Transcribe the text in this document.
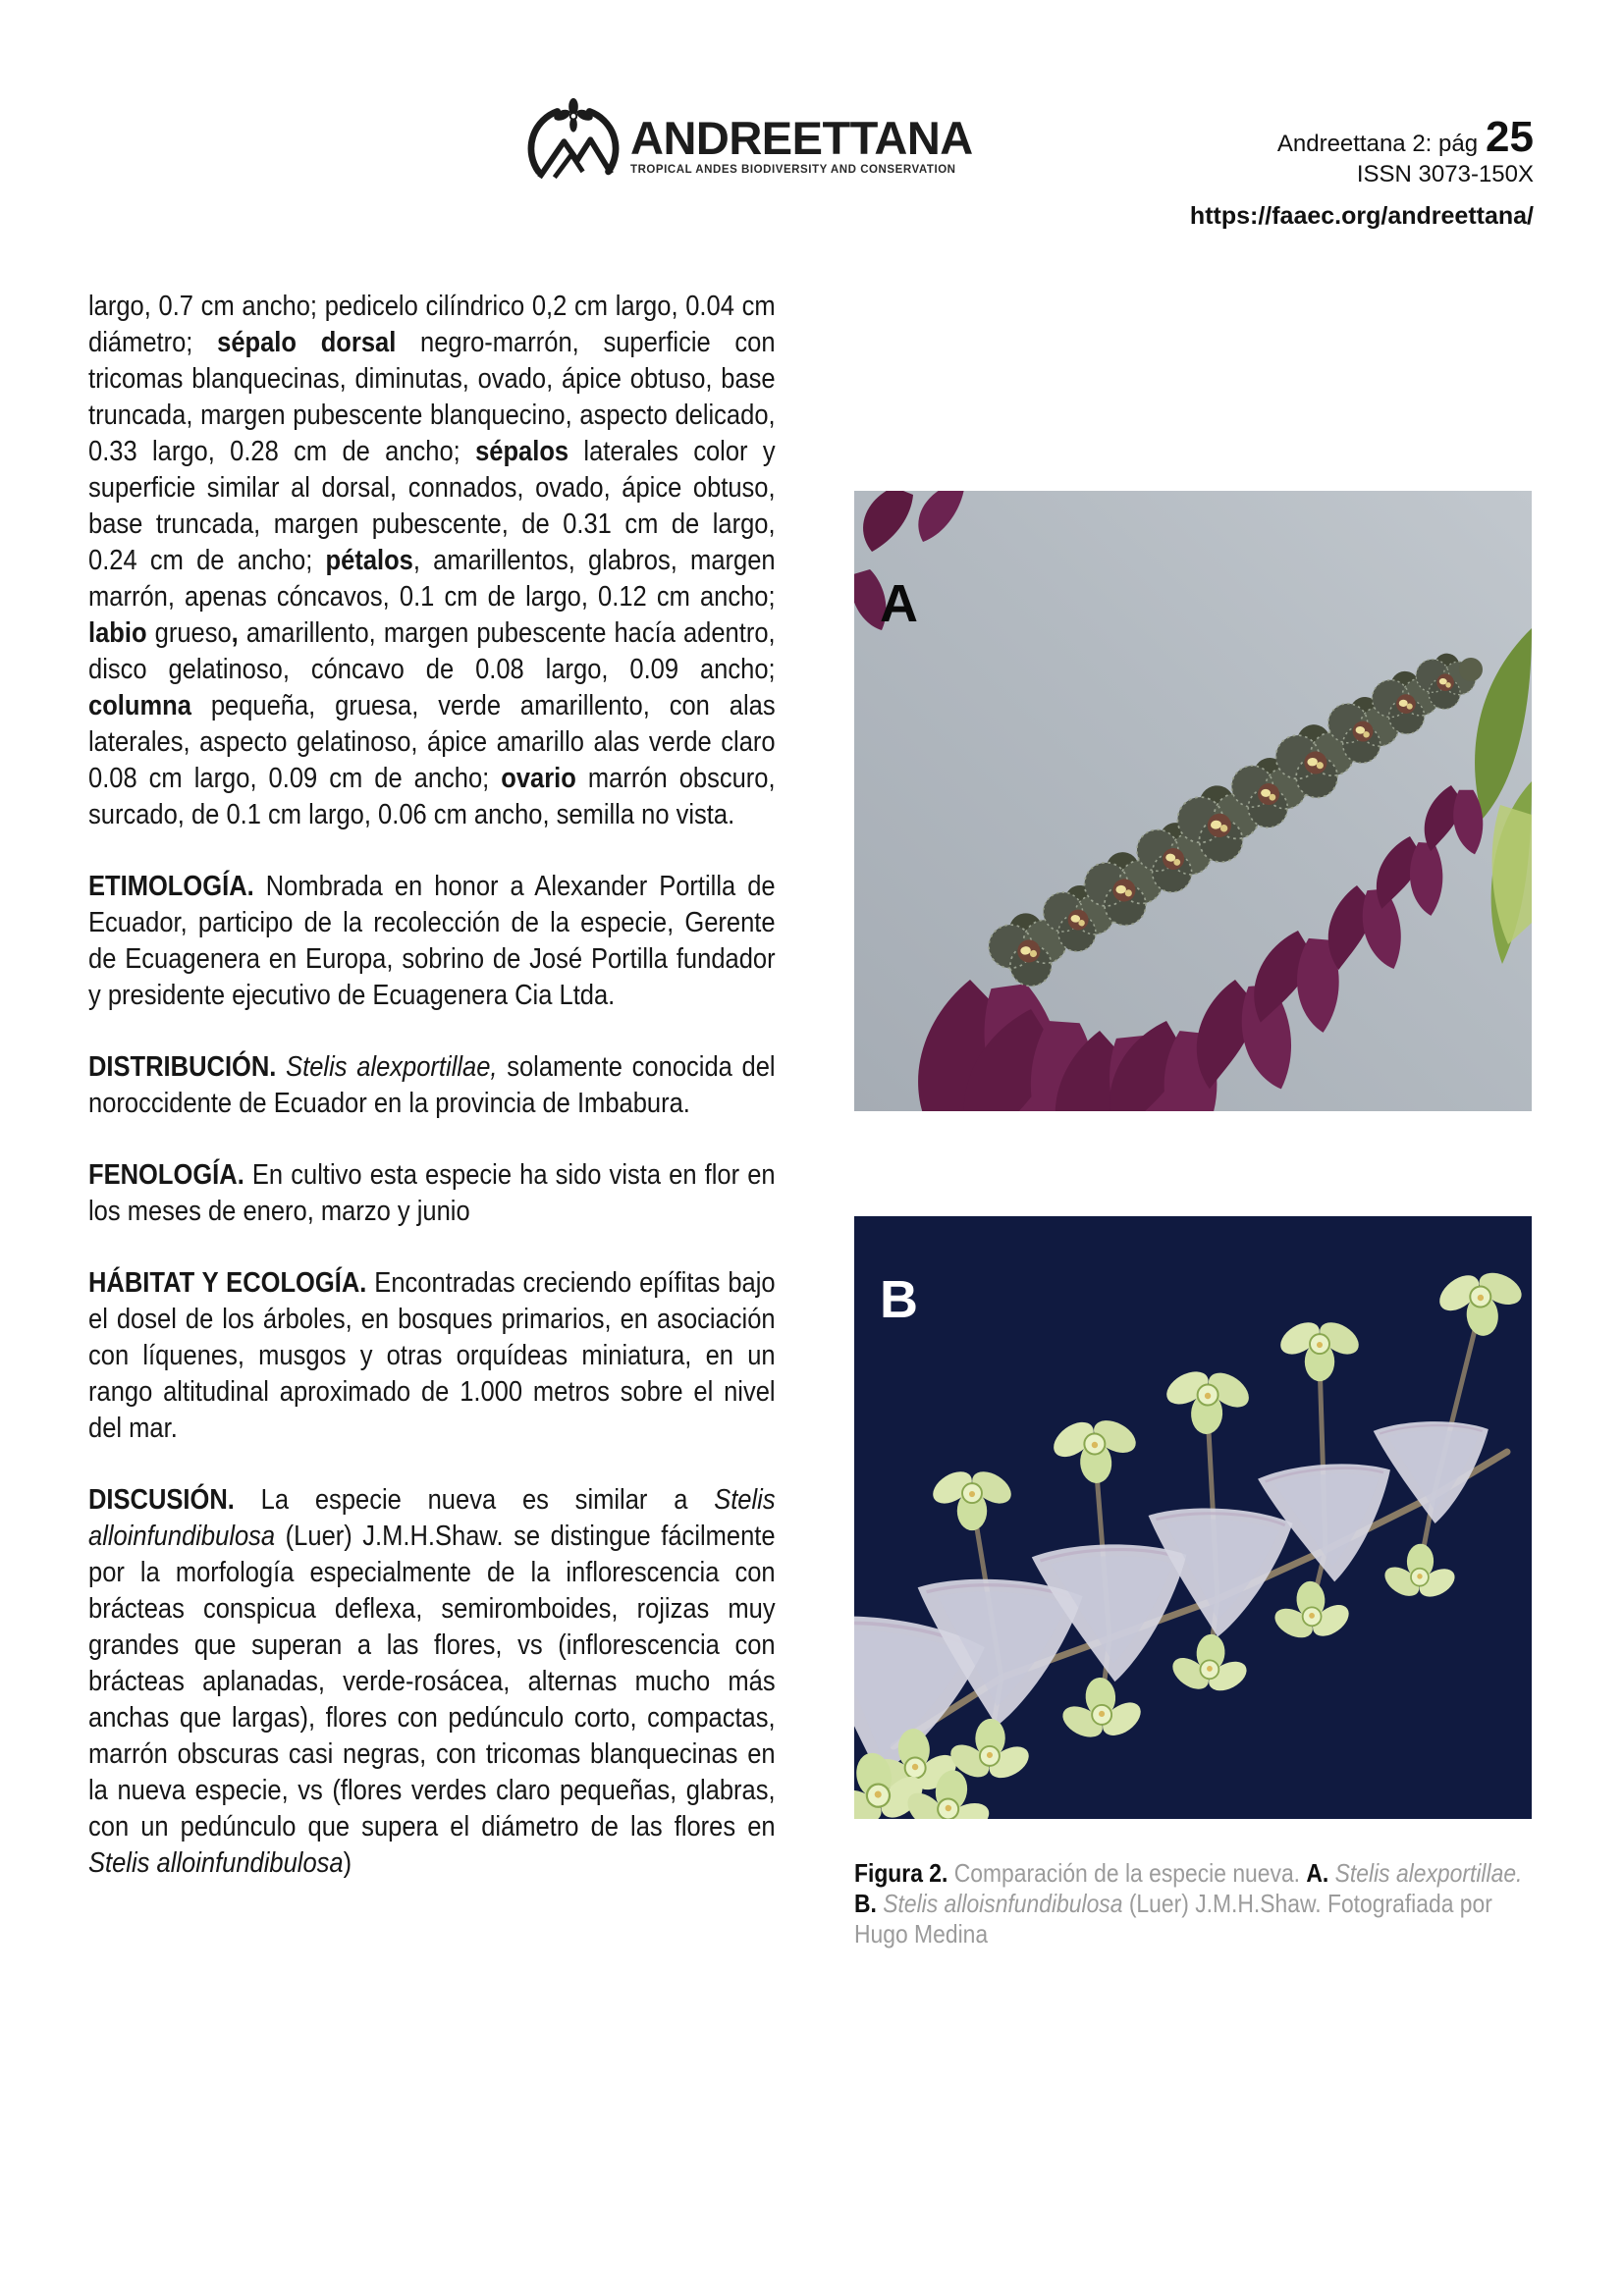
ANDREETTANA
TROPICAL ANDES BIODIVERSITY AND CONSERVATION
Andreettana 2: pág 25
ISSN 3073-150X
https://faaec.org/andreettana/

largo, 0.7 cm ancho; pedicelo cilíndrico 0,2 cm largo, 0.04 cm diámetro; sépalo dorsal negro-marrón, superficie con tricomas blanquecinas, diminutas, ovado, ápice obtuso, base truncada, margen pubescente blanquecino, aspecto delicado, 0.33 largo, 0.28 cm de ancho; sépalos laterales color y superficie similar al dorsal, connados, ovado, ápice obtuso, base truncada, margen pubescente, de 0.31 cm de largo, 0.24 cm de ancho; pétalos, amarillentos, glabros, margen marrón, apenas cóncavos, 0.1 cm de largo, 0.12 cm ancho; labio grueso, amarillento, margen pubescente hacía adentro, disco gelatinoso, cóncavo de 0.08 largo, 0.09 ancho; columna pequeña, gruesa, verde amarillento, con alas laterales, aspecto gelatinoso, ápice amarillo alas verde claro 0.08 cm largo, 0.09 cm de ancho; ovario marrón obscuro, surcado, de 0.1 cm largo, 0.06 cm ancho, semilla no vista.

ETIMOLOGÍA. Nombrada en honor a Alexander Portilla de Ecuador, participo de la recolección de la especie, Gerente de Ecuagenera en Europa, sobrino de José Portilla fundador y presidente ejecutivo de Ecuagenera Cia Ltda.

DISTRIBUCIÓN. Stelis alexportillae, solamente conocida del noroccidente de Ecuador en la provincia de Imbabura.

FENOLOGÍA. En cultivo esta especie ha sido vista en flor en los meses de enero, marzo y junio

HÁBITAT Y ECOLOGÍA. Encontradas creciendo epífitas bajo el dosel de los árboles, en bosques primarios, en asociación con líquenes, musgos y otras orquídeas miniatura, en un rango altitudinal aproximado de 1.000 metros sobre el nivel del mar.

DISCUSIÓN. La especie nueva es similar a Stelis alloinfundibulosa (Luer) J.M.H.Shaw. se distingue fácilmente por la morfología especialmente de la inflorescencia con brácteas conspicua deflexa, semiromboides, rojizas muy grandes que superan a las flores, vs (inflorescencia con brácteas aplanadas, verde-rosácea, alternas mucho más anchas que largas), flores con pedúnculo corto, compactas, marrón obscuras casi negras, con tricomas blanquecinas en la nueva especie, vs (flores verdes claro pequeñas, glabras, con un pedúnculo que supera el diámetro de las flores en Stelis alloinfundibulosa)

A
B
Figura 2. Comparación de la especie nueva. A. Stelis alexportillae. B. Stelis alloisnfundibulosa (Luer) J.M.H.Shaw. Fotografiada por Hugo Medina
